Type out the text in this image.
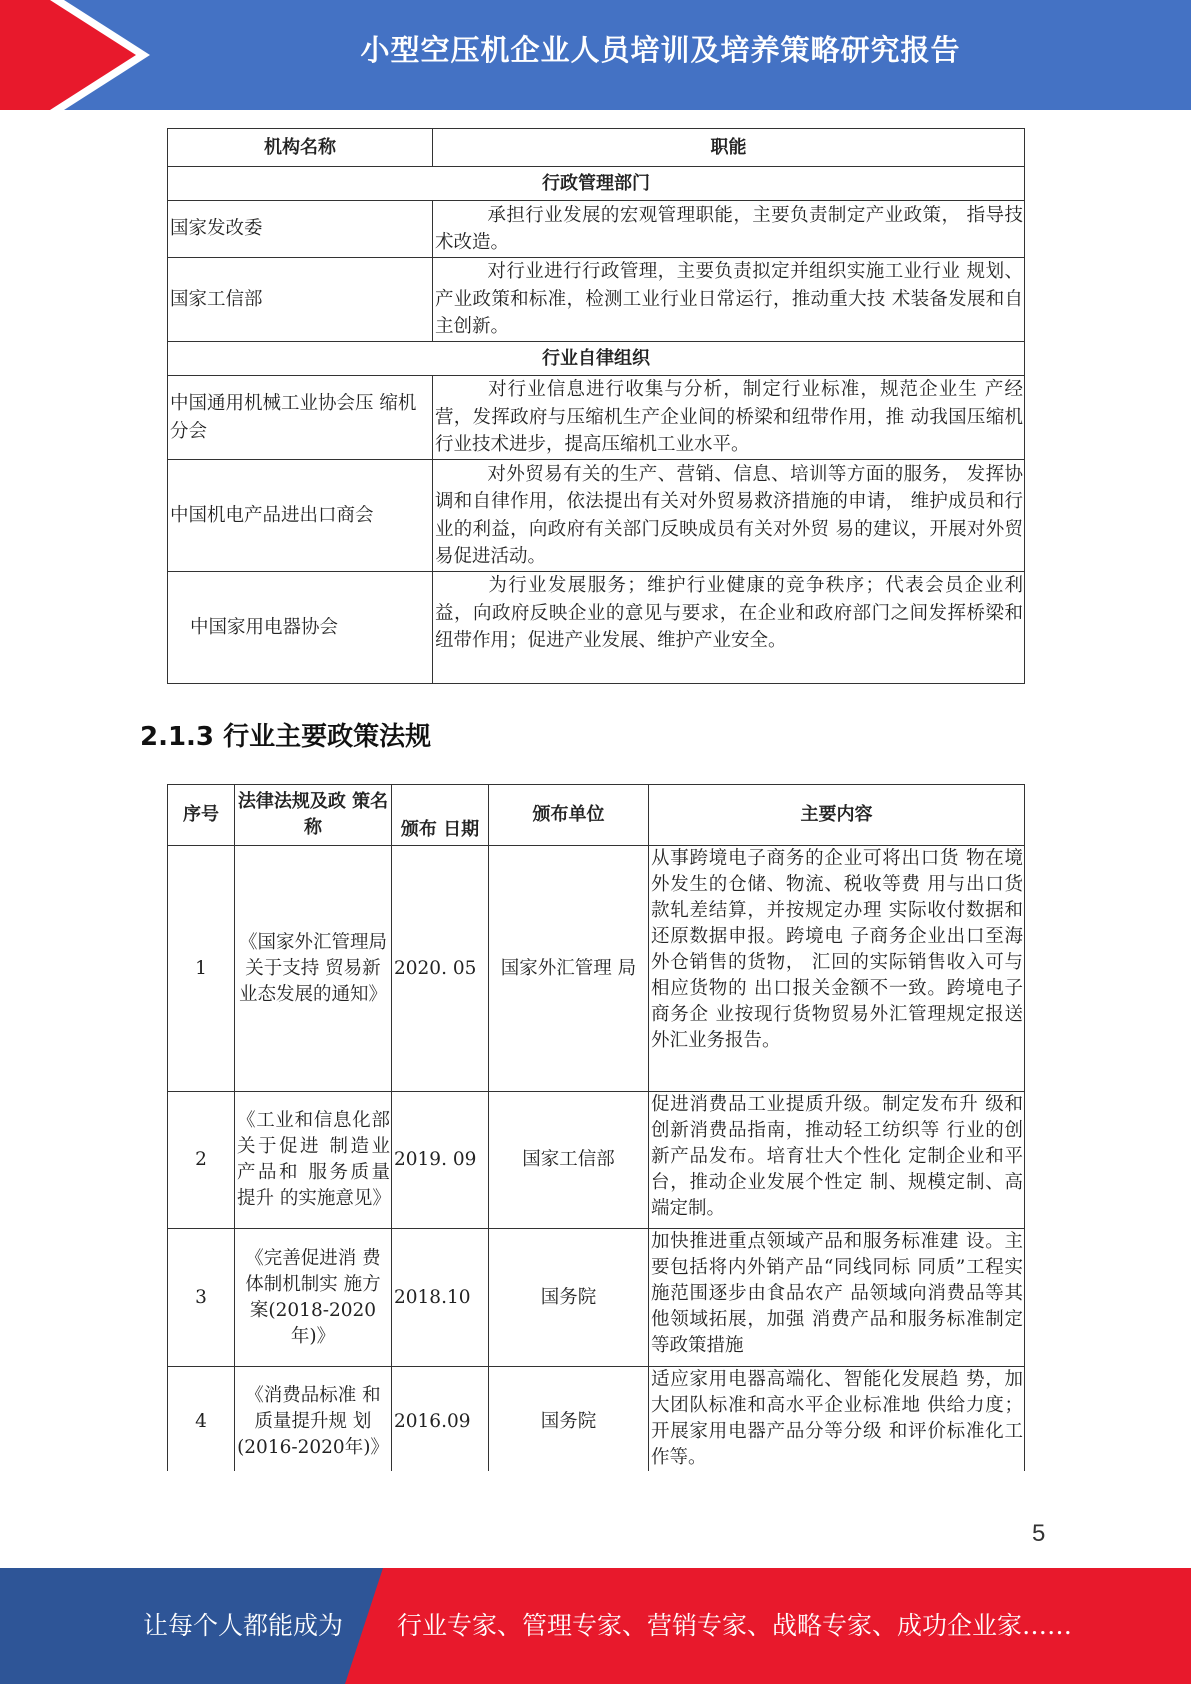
小型空压机企业人员培训及培养策略研究报告
机构名称	职能
行政管理部门	
国家发改委	承担行业发展的宏观管理职能，主要负责制定产业政策， 指导技术改造。
国家工信部	对行业进行行政管理，主要负责拟定并组织实施工业行业 规划、产业政策和标准，检测工业行业日常运行，推动重大技 术装备发展和自主创新。
行业自律组织	
中国通用机械工业协会压 缩机分会	对行业信息进行收集与分析，制定行业标准，规范企业生 产经营，发挥政府与压缩机生产企业间的桥梁和纽带作用，推 动我国压缩机行业技术进步，提高压缩机工业水平。
中国机电产品进出口商会	对外贸易有关的生产、营销、信息、培训等方面的服务， 发挥协调和自律作用，依法提出有关对外贸易救济措施的申请， 维护成员和行业的利益，向政府有关部门反映成员有关对外贸 易的建议，开展对外贸易促进活动。
中国家用电器协会	为行业发展服务；维护行业健康的竞争秩序；代表会员企业利益，向政府反映企业的意见与要求，在企业和政府部门之间发挥桥梁和纽带作用；促进产业发展、维护产业安全。
2.1.3 行业主要政策法规
序号	法律法规及政 策名称	颁布 日期	颁布单位	主要内容
1	《国家外汇管理局关于支持 贸易新业态发展的通知》	2020. 05	国家外汇管理 局	从事跨境电子商务的企业可将出口货 物在境外发生的仓储、物流、税收等费 用与出口货款轧差结算，并按规定办理 实际收付数据和还原数据申报。跨境电 子商务企业出口至海外仓销售的货物， 汇回的实际销售收入可与相应货物的 出口报关金额不一致。跨境电子商务企 业按现行货物贸易外汇管理规定报送 外汇业务报告。
2	《工业和信息化部关于促进 制造业产品和 服务质量提升 的实施意见》	2019. 09	国家工信部	促进消费品工业提质升级。制定发布升 级和创新消费品指南，推动轻工纺织等 行业的创新产品发布。培育壮大个性化 定制企业和平台，推动企业发展个性定 制、规模定制、高端定制。
3	《完善促进消 费体制机制实 施方案(2018-2020年)》	2018.10	国务院	加快推进重点领域产品和服务标准建 设。主要包括将内外销产品“同线同标 同质”工程实施范围逐步由食品农产 品领域向消费品等其他领域拓展，加强 消费产品和服务标准制定等政策措施
4	《消费品标准 和质量提升规 划(2016-2020年)》	2016.09	国务院	适应家用电器高端化、智能化发展趋 势，加大团队标准和高水平企业标准地 供给力度；开展家用电器产品分等分级 和评价标准化工作等。
5
让每个人都能成为 行业专家、管理专家、营销专家、战略专家、成功企业家……
